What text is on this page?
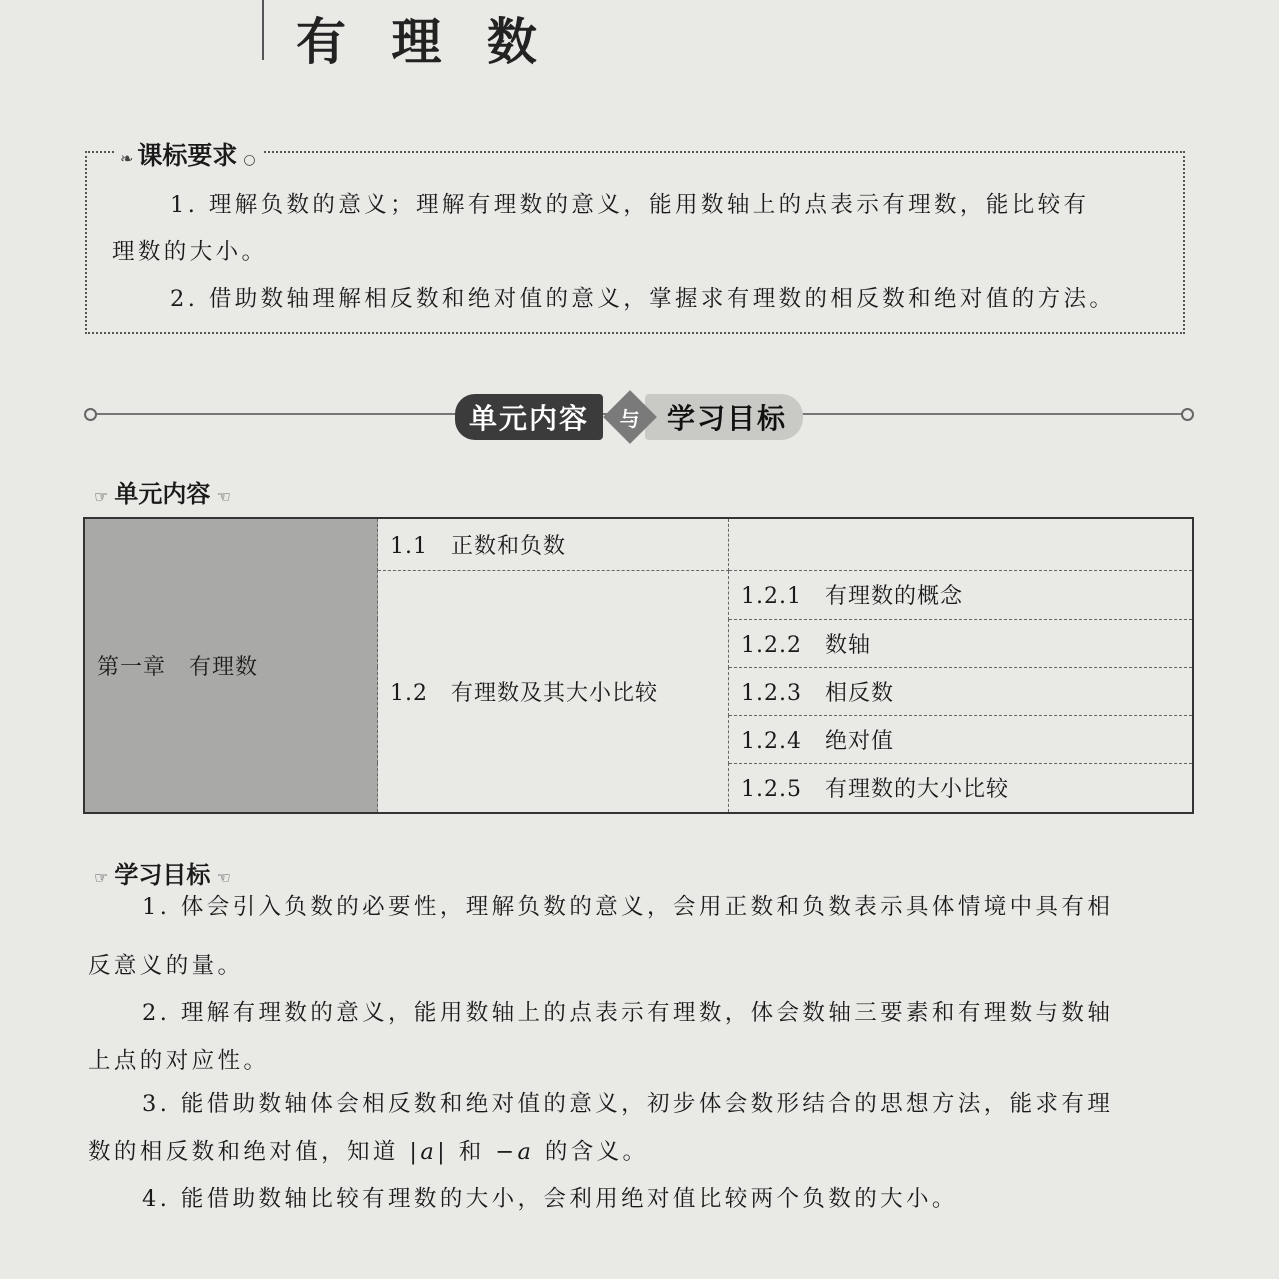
有 理 数
❧ 课标要求 ○
1. 理解负数的意义；理解有理数的意义，能用数轴上的点表示有理数，能比较有
理数的大小。
2. 借助数轴理解相反数和绝对值的意义，掌握求有理数的相反数和绝对值的方法。
单元内容	与 学习目标
☞ 单元内容 ☜
第一章　有理数	1.1　正数和负数	
	1.2　有理数及其大小比较	1.2.1　有理数的概念
		1.2.2　数轴
		1.2.3　相反数
		1.2.4　绝对值
		1.2.5　有理数的大小比较
☞ 学习目标 ☜
1. 体会引入负数的必要性，理解负数的意义，会用正数和负数表示具体情境中具有相
反意义的量。
2. 理解有理数的意义，能用数轴上的点表示有理数，体会数轴三要素和有理数与数轴
上点的对应性。
3. 能借助数轴体会相反数和绝对值的意义，初步体会数形结合的思想方法，能求有理
数的相反数和绝对值，知道 |a| 和 −a 的含义。
4. 能借助数轴比较有理数的大小，会利用绝对值比较两个负数的大小。
